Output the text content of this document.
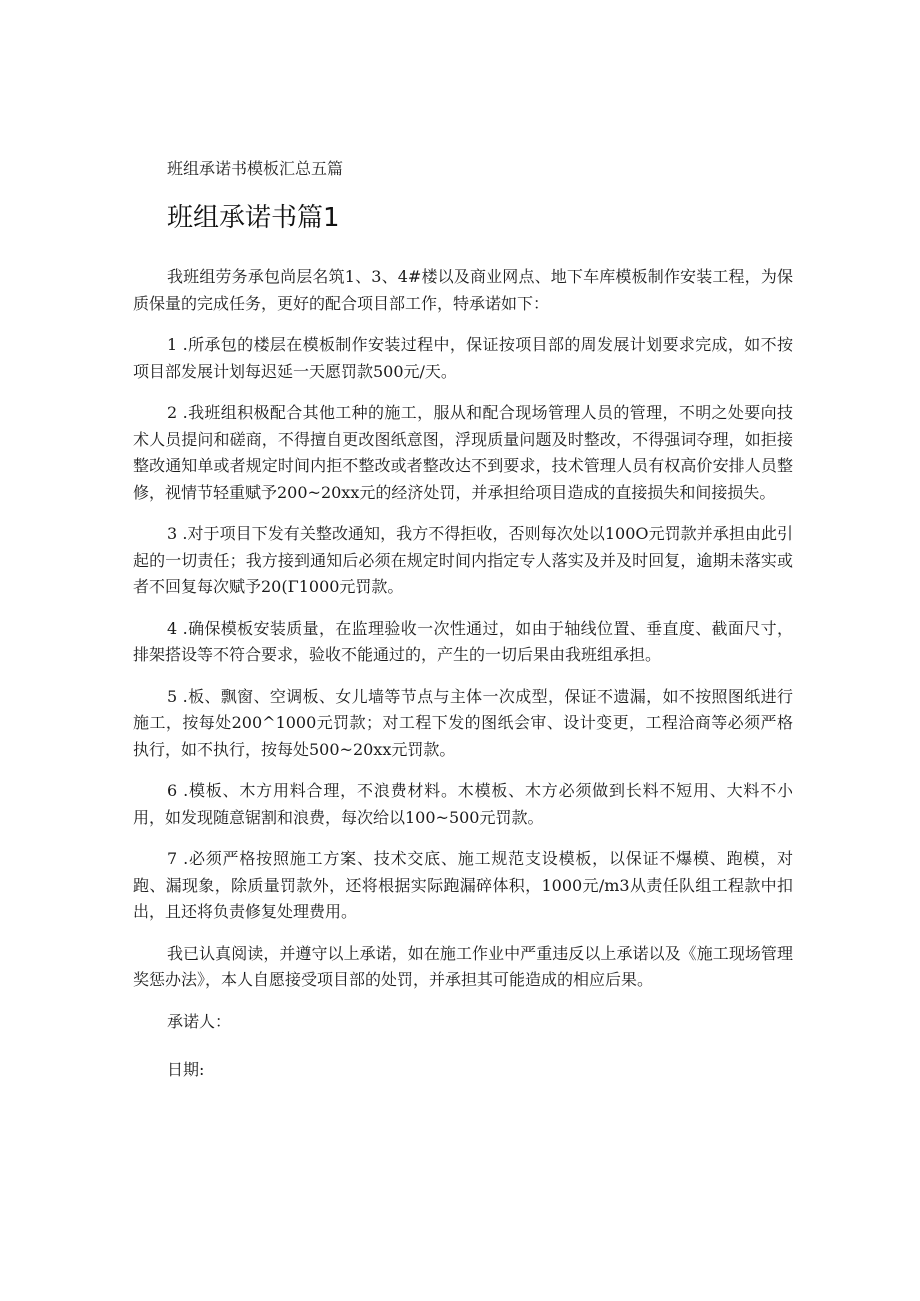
班组承诺书模板汇总五篇

班组承诺书篇1

我班组劳务承包尚层名筑1、3、4#楼以及商业网点、地下车库模板制作安装工程，为保质保量的完成任务，更好的配合项目部工作，特承诺如下：

1 .所承包的楼层在模板制作安装过程中，保证按项目部的周发展计划要求完成，如不按项目部发展计划每迟延一天愿罚款500元/天。

2 .我班组积极配合其他工种的施工，服从和配合现场管理人员的管理，不明之处要向技术人员提问和磋商，不得擅自更改图纸意图，浮现质量问题及时整改，不得强词夺理，如拒接整改通知单或者规定时间内拒不整改或者整改达不到要求，技术管理人员有权高价安排人员整修，视情节轻重赋予200~20xx元的经济处罚，并承担给项目造成的直接损失和间接损失。

3 .对于项目下发有关整改通知，我方不得拒收，否则每次处以100O元罚款并承担由此引起的一切责任；我方接到通知后必须在规定时间内指定专人落实及并及时回复，逾期未落实或者不回复每次赋予20(Γ1000元罚款。

4 .确保模板安装质量，在监理验收一次性通过，如由于轴线位置、垂直度、截面尺寸，排架搭设等不符合要求，验收不能通过的，产生的一切后果由我班组承担。

5 .板、飘窗、空调板、女儿墙等节点与主体一次成型，保证不遗漏，如不按照图纸进行施工，按每处200^1000元罚款；对工程下发的图纸会审、设计变更，工程洽商等必须严格执行，如不执行，按每处500~20xx元罚款。

6 .模板、木方用料合理，不浪费材料。木模板、木方必须做到长料不短用、大料不小用，如发现随意锯割和浪费，每次给以100~500元罚款。

7 .必须严格按照施工方案、技术交底、施工规范支设模板，以保证不爆模、跑模，对跑、漏现象，除质量罚款外，还将根据实际跑漏碎体积，1000元/m3从责任队组工程款中扣出，且还将负责修复处理费用。

我已认真阅读，并遵守以上承诺，如在施工作业中严重违反以上承诺以及《施工现场管理奖惩办法》，本人自愿接受项目部的处罚，并承担其可能造成的相应后果。

承诺人：

日期:
